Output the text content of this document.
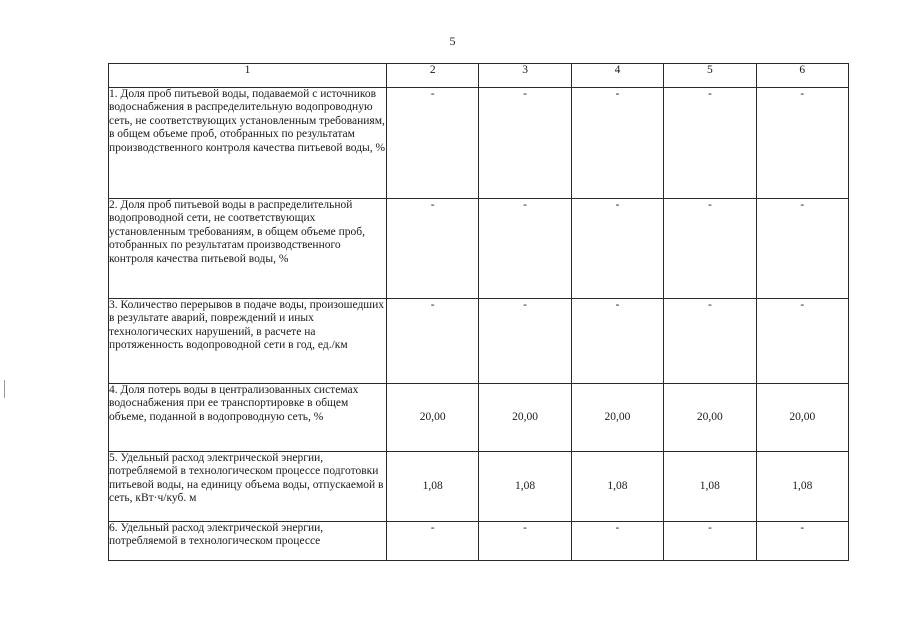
5
1	2	3	4	5	6
1. Доля проб питьевой воды, подаваемой с источников водоснабжения в распределительную водопроводную сеть, не соответствующих установленным требованиям, в общем объеме проб, отобранных по результатам производственного контроля качества питьевой воды, %	-	-	-	-	-
2. Доля проб питьевой воды в распределительной водопроводной сети, не соответствующих установленным требованиям, в общем объеме проб, отобранных по результатам производственного контроля качества питьевой воды, %	-	-	-	-	-
3. Количество перерывов в подаче воды, произошедших в результате аварий, повреждений и иных технологических нарушений, в расчете на протяженность водопроводной сети в год, ед./км	-	-	-	-	-
4. Доля потерь воды в централизованных системах водоснабжения при ее транспортировке в общем объеме, поданной в водопроводную сеть, %	20,00	20,00	20,00	20,00	20,00
5. Удельный расход электрической энергии, потребляемой в технологическом процессе подготовки питьевой воды, на единицу объема воды, отпускаемой в сеть, кВт·ч/куб. м	1,08	1,08	1,08	1,08	1,08
6. Удельный расход электрической энергии, потребляемой в технологическом процессе	-	-	-	-	-
